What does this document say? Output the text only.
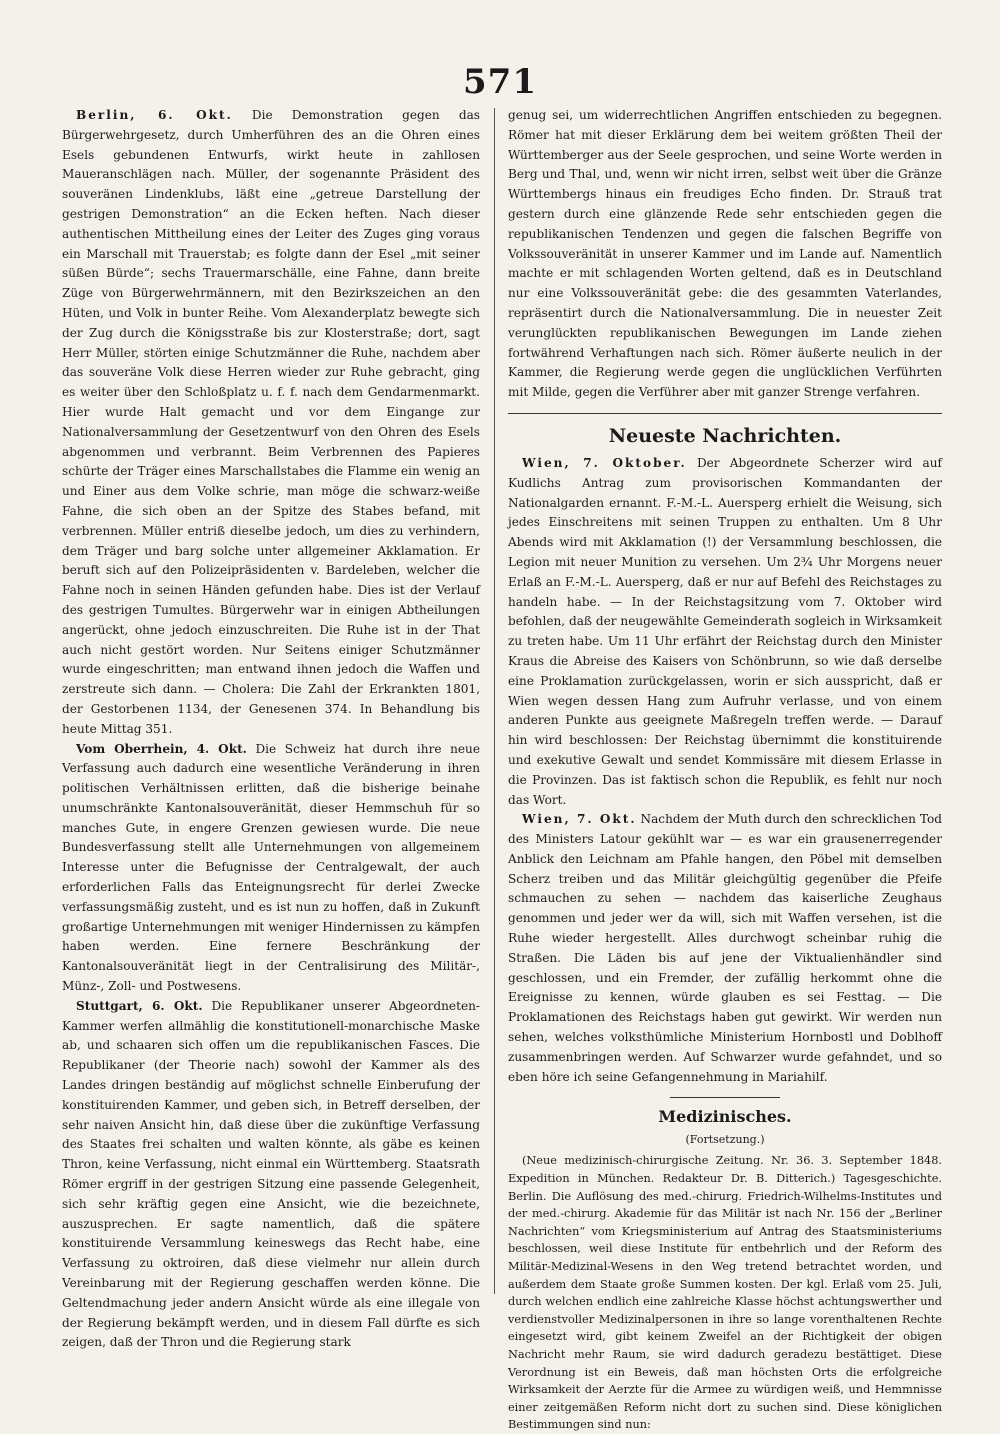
571

Berlin, 6. Okt. Die Demonstration gegen das Bürgerwehrgesetz, durch Umherführen des an die Ohren eines Esels gebundenen Entwurfs, wirkt heute in zahllosen Maueranschlägen nach. Müller, der sogenannte Präsident des souveränen Lindenklubs, läßt eine „getreue Darstellung der gestrigen Demonstration“ an die Ecken heften. Nach dieser authentischen Mittheilung eines der Leiter des Zuges ging voraus ein Marschall mit Trauerstab; es folgte dann der Esel „mit seiner süßen Bürde“; sechs Trauermarschälle, eine Fahne, dann breite Züge von Bürgerwehrmännern, mit den Bezirkszeichen an den Hüten, und Volk in bunter Reihe. Vom Alexanderplatz bewegte sich der Zug durch die Königsstraße bis zur Klosterstraße; dort, sagt Herr Müller, störten einige Schutzmänner die Ruhe, nachdem aber das souveräne Volk diese Herren wieder zur Ruhe gebracht, ging es weiter über den Schloßplatz u. f. f. nach dem Gendarmenmarkt. Hier wurde Halt gemacht und vor dem Eingange zur Nationalversammlung der Gesetzentwurf von den Ohren des Esels abgenommen und verbrannt. Beim Verbrennen des Papieres schürte der Träger eines Marschallstabes die Flamme ein wenig an und Einer aus dem Volke schrie, man möge die schwarz-weiße Fahne, die sich oben an der Spitze des Stabes befand, mit verbrennen. Müller entriß dieselbe jedoch, um dies zu verhindern, dem Träger und barg solche unter allgemeiner Akklamation. Er beruft sich auf den Polizeipräsidenten v. Bardeleben, welcher die Fahne noch in seinen Händen gefunden habe. Dies ist der Verlauf des gestrigen Tumultes. Bürgerwehr war in einigen Abtheilungen angerückt, ohne jedoch einzuschreiten. Die Ruhe ist in der That auch nicht gestört worden. Nur Seitens einiger Schutzmänner wurde eingeschritten; man entwand ihnen jedoch die Waffen und zerstreute sich dann. — Cholera: Die Zahl der Erkrankten 1801, der Gestorbenen 1134, der Genesenen 374. In Behandlung bis heute Mittag 351.

Vom Oberrhein, 4. Okt. Die Schweiz hat durch ihre neue Verfassung auch dadurch eine wesentliche Veränderung in ihren politischen Verhältnissen erlitten, daß die bisherige beinahe unumschränkte Kantonalsouveränität, dieser Hemmschuh für so manches Gute, in engere Grenzen gewiesen wurde. Die neue Bundesverfassung stellt alle Unternehmungen von allgemeinem Interesse unter die Befugnisse der Centralgewalt, der auch erforderlichen Falls das Enteignungsrecht für derlei Zwecke verfassungsmäßig zusteht, und es ist nun zu hoffen, daß in Zukunft großartige Unternehmungen mit weniger Hindernissen zu kämpfen haben werden. Eine fernere Beschränkung der Kantonalsouveränität liegt in der Centralisirung des Militär-, Münz-, Zoll- und Postwesens.

Stuttgart, 6. Okt. Die Republikaner unserer Abgeordneten-Kammer werfen allmählig die konstitutionell-monarchische Maske ab, und schaaren sich offen um die republikanischen Fasces. Die Republikaner (der Theorie nach) sowohl der Kammer als des Landes dringen beständig auf möglichst schnelle Einberufung der konstituirenden Kammer, und geben sich, in Betreff derselben, der sehr naiven Ansicht hin, daß diese über die zukünftige Verfassung des Staates frei schalten und walten könnte, als gäbe es keinen Thron, keine Verfassung, nicht einmal ein Württemberg. Staatsrath Römer ergriff in der gestrigen Sitzung eine passende Gelegenheit, sich sehr kräftig gegen eine Ansicht, wie die bezeichnete, auszusprechen. Er sagte namentlich, daß die spätere konstituirende Versammlung keineswegs das Recht habe, eine Verfassung zu oktroiren, daß diese vielmehr nur allein durch Vereinbarung mit der Regierung geschaffen werden könne. Die Geltendmachung jeder andern Ansicht würde als eine illegale von der Regierung bekämpft werden, und in diesem Fall dürfte es sich zeigen, daß der Thron und die Regierung stark

genug sei, um widerrechtlichen Angriffen entschieden zu begegnen. Römer hat mit dieser Erklärung dem bei weitem größten Theil der Württemberger aus der Seele gesprochen, und seine Worte werden in Berg und Thal, und, wenn wir nicht irren, selbst weit über die Gränze Württembergs hinaus ein freudiges Echo finden. Dr. Strauß trat gestern durch eine glänzende Rede sehr entschieden gegen die republikanischen Tendenzen und gegen die falschen Begriffe von Volkssouveränität in unserer Kammer und im Lande auf. Namentlich machte er mit schlagenden Worten geltend, daß es in Deutschland nur eine Volkssouveränität gebe: die des gesammten Vaterlandes, repräsentirt durch die Nationalversammlung. Die in neuester Zeit verunglückten republikanischen Bewegungen im Lande ziehen fortwährend Verhaftungen nach sich. Römer äußerte neulich in der Kammer, die Regierung werde gegen die unglücklichen Verführten mit Milde, gegen die Verführer aber mit ganzer Strenge verfahren.

Neueste Nachrichten.

Wien, 7. Oktober. Der Abgeordnete Scherzer wird auf Kudlichs Antrag zum provisorischen Kommandanten der Nationalgarden ernannt. F.-M.-L. Auersperg erhielt die Weisung, sich jedes Einschreitens mit seinen Truppen zu enthalten. Um 8 Uhr Abends wird mit Akklamation (!) der Versammlung beschlossen, die Legion mit neuer Munition zu versehen. Um 2¾ Uhr Morgens neuer Erlaß an F.-M.-L. Auersperg, daß er nur auf Befehl des Reichstages zu handeln habe. — In der Reichstagsitzung vom 7. Oktober wird befohlen, daß der neugewählte Gemeinderath sogleich in Wirksamkeit zu treten habe. Um 11 Uhr erfährt der Reichstag durch den Minister Kraus die Abreise des Kaisers von Schönbrunn, so wie daß derselbe eine Proklamation zurückgelassen, worin er sich ausspricht, daß er Wien wegen dessen Hang zum Aufruhr verlasse, und von einem anderen Punkte aus geeignete Maßregeln treffen werde. — Darauf hin wird beschlossen: Der Reichstag übernimmt die konstituirende und exekutive Gewalt und sendet Kommissäre mit diesem Erlasse in die Provinzen. Das ist faktisch schon die Republik, es fehlt nur noch das Wort.

Wien, 7. Okt. Nachdem der Muth durch den schrecklichen Tod des Ministers Latour gekühlt war — es war ein grausenerregender Anblick den Leichnam am Pfahle hangen, den Pöbel mit demselben Scherz treiben und das Militär gleichgültig gegenüber die Pfeife schmauchen zu sehen — nachdem das kaiserliche Zeughaus genommen und jeder wer da will, sich mit Waffen versehen, ist die Ruhe wieder hergestellt. Alles durchwogt scheinbar ruhig die Straßen. Die Läden bis auf jene der Viktualienhändler sind geschlossen, und ein Fremder, der zufällig herkommt ohne die Ereignisse zu kennen, würde glauben es sei Festtag. — Die Proklamationen des Reichstags haben gut gewirkt. Wir werden nun sehen, welches volksthümliche Ministerium Hornbostl und Doblhoff zusammenbringen werden. Auf Schwarzer wurde gefahndet, und so eben höre ich seine Gefangennehmung in Mariahilf.

Medizinisches.
(Fortsetzung.)

(Neue medizinisch-chirurgische Zeitung. Nr. 36. 3. September 1848. Expedition in München. Redakteur Dr. B. Ditterich.) Tagesgeschichte. Berlin. Die Auflösung des med.-chirurg. Friedrich-Wilhelms-Institutes und der med.-chirurg. Akademie für das Militär ist nach Nr. 156 der „Berliner Nachrichten“ vom Kriegsministerium auf Antrag des Staatsministeriums beschlossen, weil diese Institute für entbehrlich und der Reform des Militär-Medizinal-Wesens in den Weg tretend betrachtet worden, und außerdem dem Staate große Summen kosten. Der kgl. Erlaß vom 25. Juli, durch welchen endlich eine zahlreiche Klasse höchst achtungswerther und verdienstvoller Medizinalpersonen in ihre so lange vorenthaltenen Rechte eingesetzt wird, gibt keinem Zweifel an der Richtigkeit der obigen Nachricht mehr Raum, sie wird dadurch geradezu bestättiget. Diese Verordnung ist ein Beweis, daß man höchsten Orts die erfolgreiche Wirksamkeit der Aerzte für die Armee zu würdigen weiß, und Hemmnisse einer zeitgemäßen Reform nicht dort zu suchen sind. Diese königlichen Bestimmungen sind nun:
